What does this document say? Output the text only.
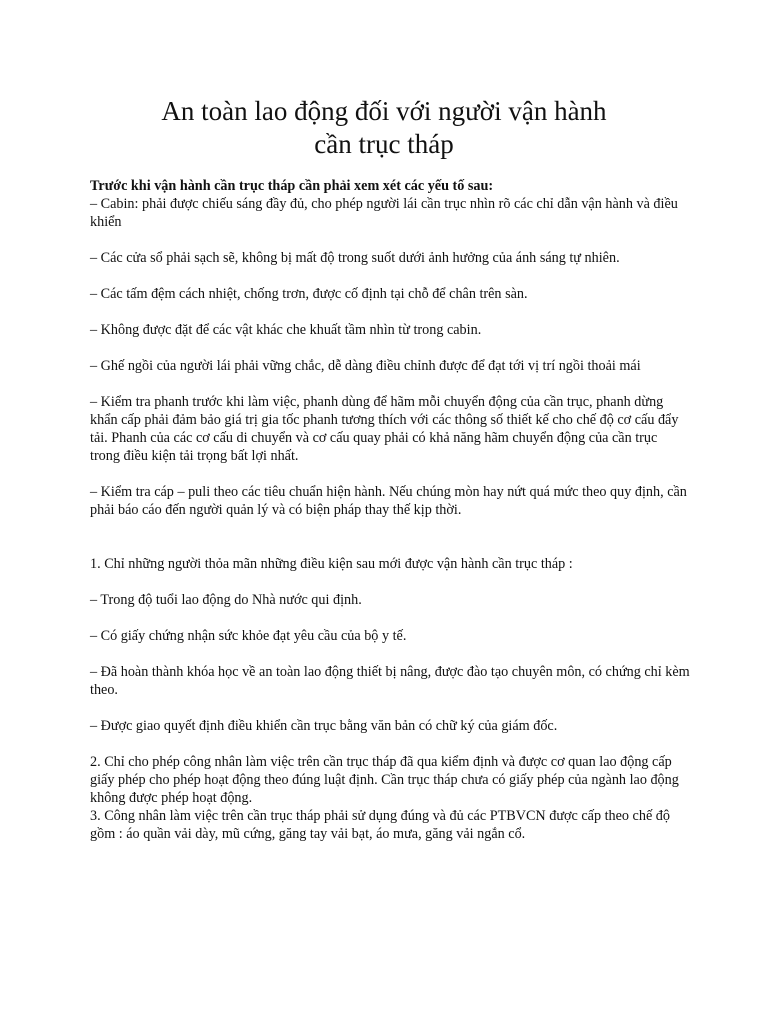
An toàn lao động đối với người vận hành
cần trục tháp

Trước khi vận hành cần trục tháp cần phải xem xét các yếu tố sau:

– Cabin: phải được chiếu sáng đầy đủ, cho phép người lái cần trục nhìn rõ các chỉ dẫn vận hành và điều khiển

– Các cửa sổ phải sạch sẽ, không bị mất độ trong suốt dưới ảnh hưởng của ánh sáng tự nhiên.

– Các tấm đệm cách nhiệt, chống trơn, được cố định tại chỗ để chân trên sàn.

– Không được đặt để các vật khác che khuất tầm nhìn từ trong cabin.

– Ghế ngồi của người lái phải vững chắc, dễ dàng điều chỉnh được để đạt tới vị trí ngồi thoải mái

– Kiểm tra phanh trước khi làm việc, phanh dùng để hãm mỗi chuyển động của cần trục, phanh dừng khẩn cấp phải đảm bảo giá trị gia tốc phanh tương thích với các thông số thiết kế cho chế độ cơ cấu đẩy tải. Phanh của các cơ cấu di chuyển và cơ cấu quay phải có khả năng hãm chuyển động của cần trục trong điều kiện tải trọng bất lợi nhất.

– Kiểm tra cáp – puli theo các tiêu chuẩn hiện hành. Nếu chúng mòn hay nứt quá mức theo quy định, cần phải báo cáo đến người quản lý và có biện pháp thay thế kịp thời.

1. Chỉ những người thỏa mãn những điều kiện sau mới được vận hành cần trục tháp :

– Trong độ tuổi lao động do Nhà nước qui định.

– Có giấy chứng nhận sức khỏe đạt yêu cầu của bộ y tế.

– Đã hoàn thành khóa học về an toàn lao động thiết bị nâng, được đào tạo chuyên môn, có chứng chỉ kèm theo.

– Được giao quyết định điều khiển cần trục bằng văn bản có chữ ký của giám đốc.

2. Chỉ cho phép công nhân làm việc trên cần trục tháp đã qua kiểm định và được cơ quan lao động cấp giấy phép cho phép hoạt động theo đúng luật định. Cần trục tháp chưa có giấy phép của ngành lao động không được phép hoạt động.

3. Công nhân làm việc trên cần trục tháp phải sử dụng đúng và đủ các PTBVCN được cấp theo chế độ gồm : áo quần vải dày, mũ cứng, găng tay vải bạt, áo mưa, găng vải ngắn cổ.
